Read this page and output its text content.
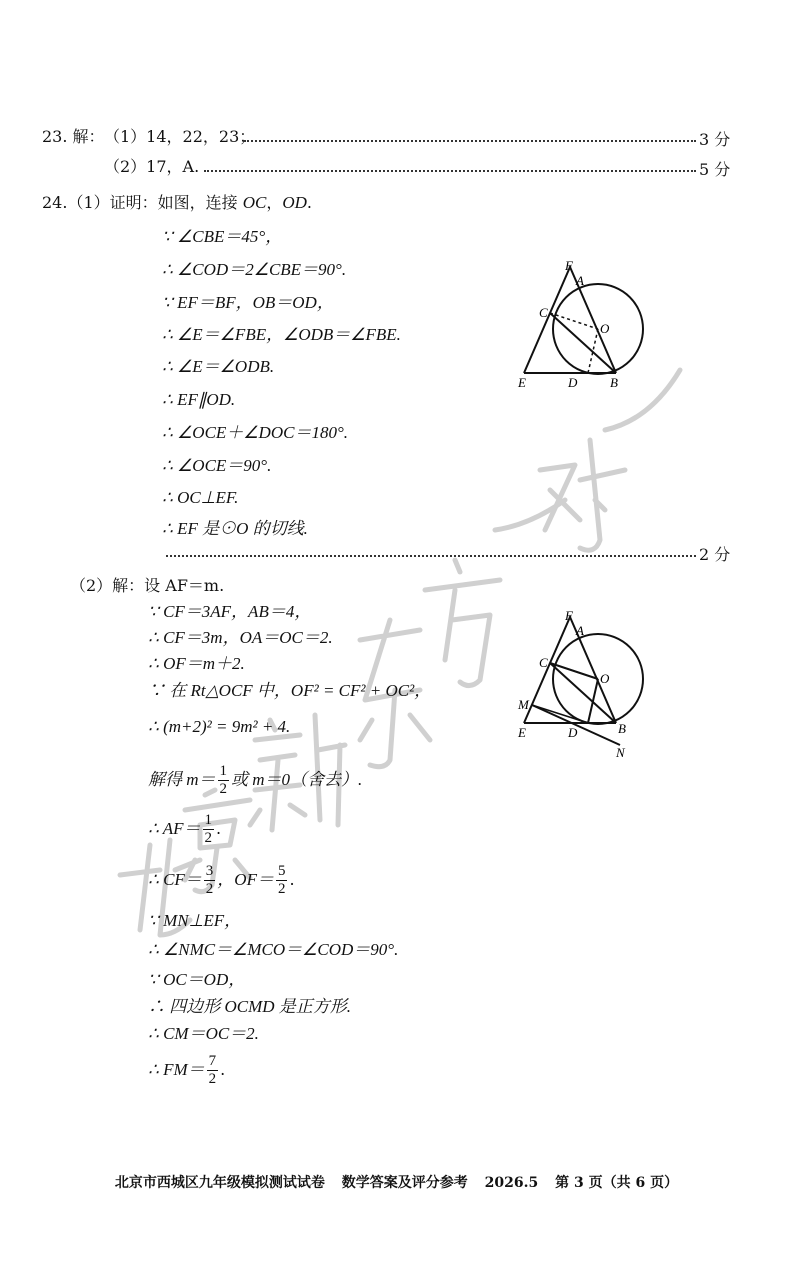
23. 解： （1）14，22，23；	3 分
（2）17，A.	5 分
24.（1）证明：如图，连接 OC，OD.
∵ ∠CBE＝45°，
∴ ∠COD＝2∠CBE＝90°.
∵ EF＝BF，OB＝OD，
∴ ∠E＝∠FBE，∠ODB＝∠FBE.
∴ ∠E＝∠ODB.
∴ EF∥OD.
∴ ∠OCE＋∠DOC＝180°.
∴ ∠OCE＝90°.
∴ OC⊥EF.
∴ EF 是⊙O 的切线.
2 分
F
A
C
O
E	D	B
（2）解：设 AF＝m.
∵ CF＝3AF，AB＝4，
∴ CF＝3m，OA＝OC＝2.
∴ OF＝m＋2.
∵ 在 Rt△OCF 中，OF² = CF² + OC²，
∴ (m+2)² = 9m² + 4.
解得 $m= \frac{1}{2}$ 或 m＝0（舍去）.
∴ $AF= \frac{1}{2}$ .
∴ $CF= \frac{3}{2}$ ，$OF= \frac{5}{2}$ .
∵ MN⊥EF，
∴ ∠NMC＝∠MCO＝∠COD＝90°.
∵ OC＝OD，
∴ 四边形 OCMD 是正方形.
∴ CM＝OC＝2.
∴ $FM= \frac{7}{2}$ .
F
A
C
O
M
E	D	B
N
北京市西城区九年级模拟测试试卷 数学答案及评分参考 2026.5 第 3 页（共 6 页）
